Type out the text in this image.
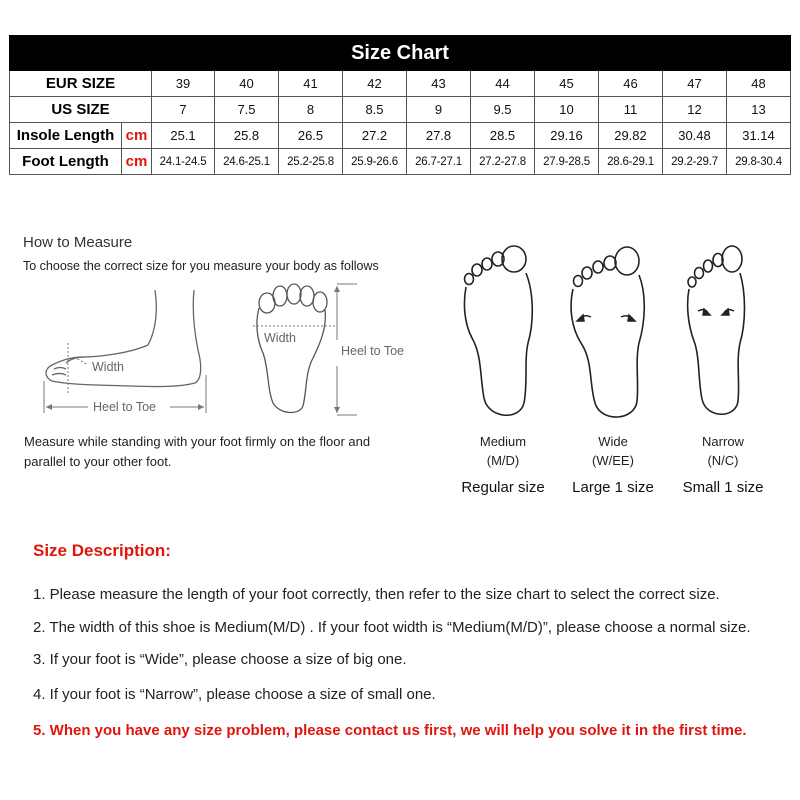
Size Chart											
EUR SIZE		39	40	41	42	43	44	45	46	47	48
US SIZE		7	7.5	8	8.5	9	9.5	10	11	12	13
Insole Length	cm	25.1	25.8	26.5	27.2	27.8	28.5	29.16	29.82	30.48	31.14
Foot Length	cm	24.1-24.5	24.6-25.1	25.2-25.8	25.9-26.6	26.7-27.1	27.2-27.8	27.9-28.5	28.6-29.1	29.2-29.7	29.8-30.4
How to Measure
To choose the correct size for you measure your body as follows
Width
Heel to Toe
Width
Heel to Toe
Measure while standing with your foot firmly on the floor and parallel to your other foot.
Medium
(M/D)
Regular size
Wide
(W/EE)
Large 1 size
Narrow
(N/C)
Small 1 size
Size Description:
1. Please measure the length of your foot correctly, then refer to the size chart to select the correct size.
2. The width of this shoe is Medium(M/D) . If your foot width is “Medium(M/D)”, please choose a normal size.
3. If your foot is “Wide”, please choose a size of big one.
4. If your foot is “Narrow”, please choose a size of small one.
5. When you have any size problem, please contact us first, we will help you solve it in the first time.
